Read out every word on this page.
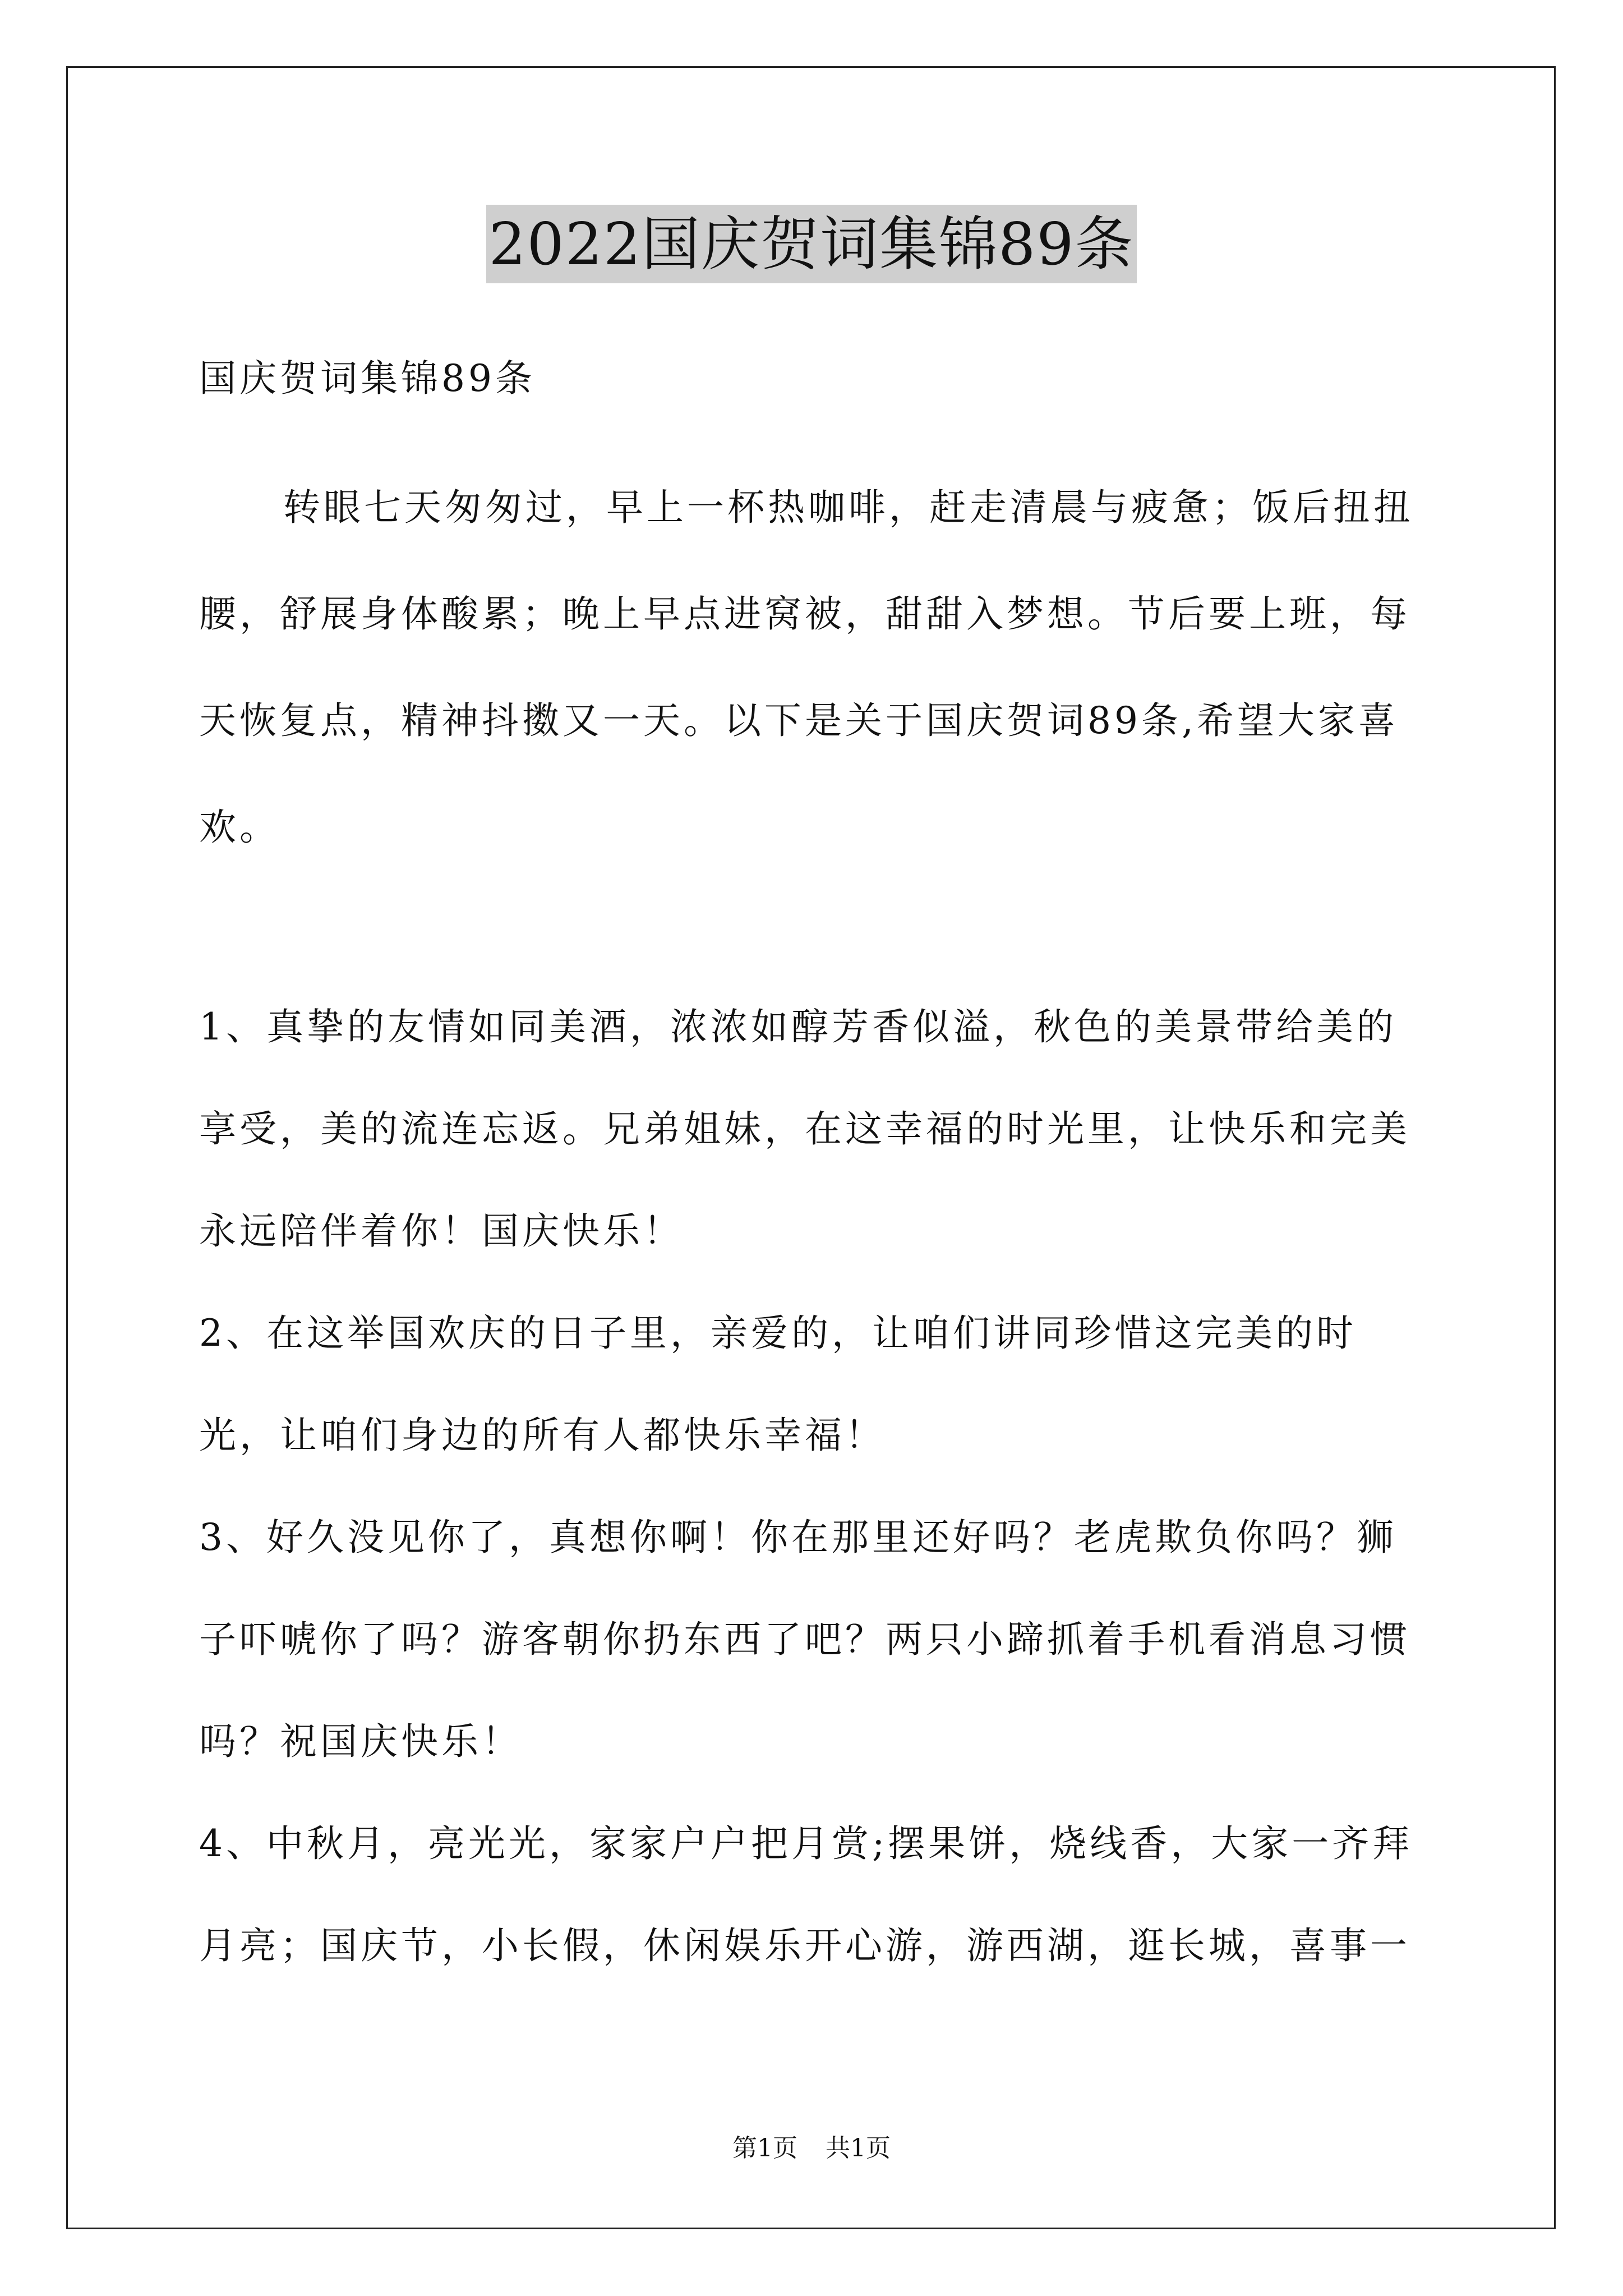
2022国庆贺词集锦89条
国庆贺词集锦89条
转眼七天匆匆过，早上一杯热咖啡，赶走清晨与疲惫；饭后扭扭腰，舒展身体酸累；晚上早点进窝被，甜甜入梦想。节后要上班，每天恢复点，精神抖擞又一天。以下是关于国庆贺词89条,希望大家喜欢。

1、真挚的友情如同美酒，浓浓如醇芳香似溢，秋色的美景带给美的享受，美的流连忘返。兄弟姐妹，在这幸福的时光里，让快乐和完美永远陪伴着你！国庆快乐！

2、在这举国欢庆的日子里，亲爱的，让咱们讲同珍惜这完美的时光，让咱们身边的所有人都快乐幸福！

3、好久没见你了，真想你啊！你在那里还好吗？老虎欺负你吗？狮子吓唬你了吗？游客朝你扔东西了吧？两只小蹄抓着手机看消息习惯吗？祝国庆快乐！

4、中秋月，亮光光，家家户户把月赏;摆果饼，烧线香，大家一齐拜月亮；国庆节，小长假，休闲娱乐开心游，游西湖，逛长城，喜事一

第1页 共1页
